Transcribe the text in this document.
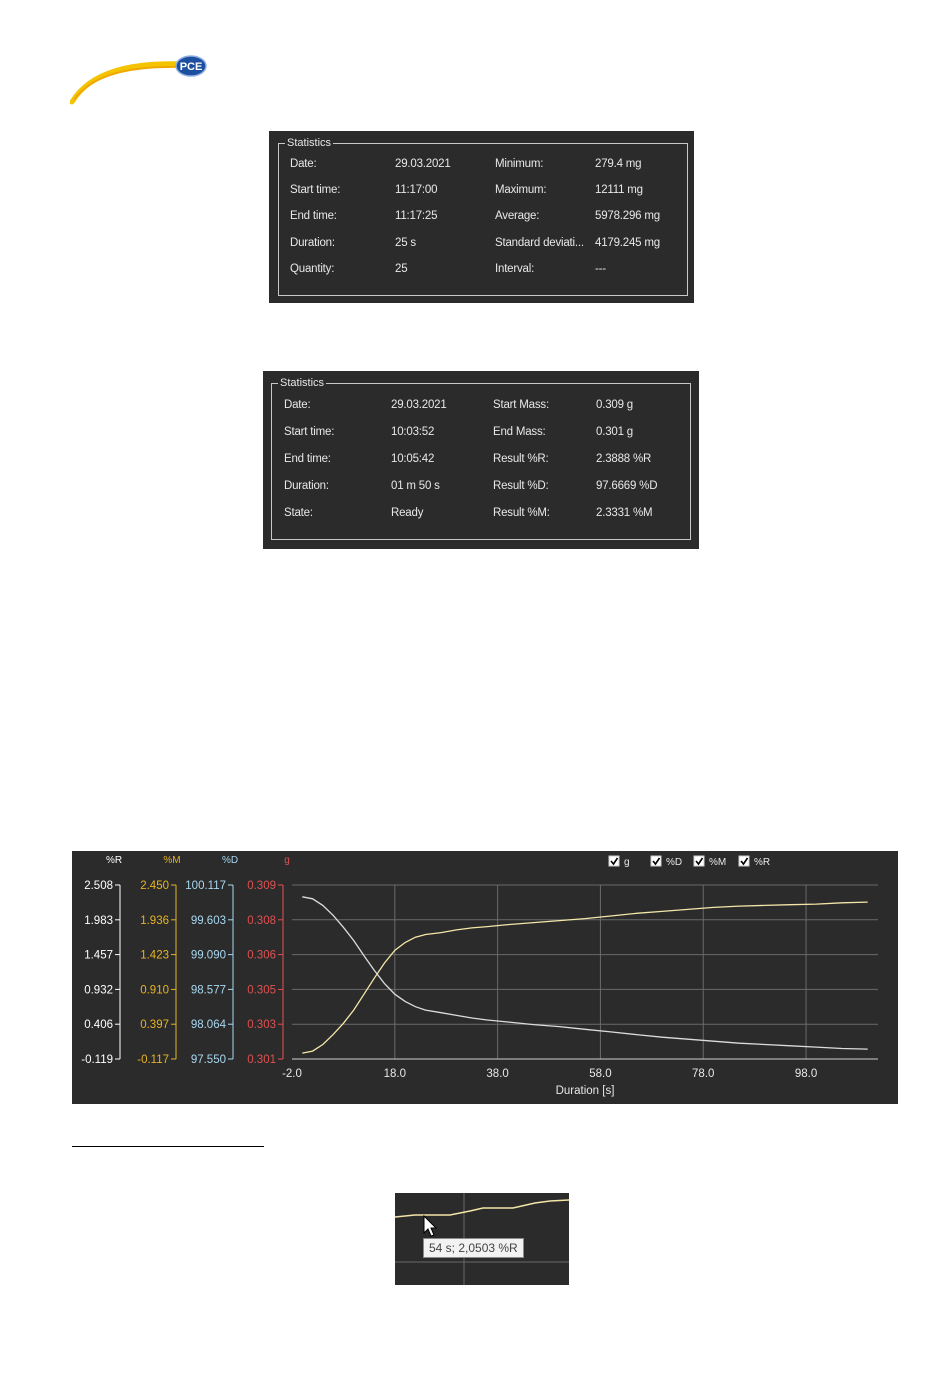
PCE
Statistics
Date:	29.03.2021	Minimum:	279.4 mg
Start time:	11:17:00	Maximum:	12111 mg
End time:	11:17:25	Average:	5978.296 mg
Duration:	25 s	Standard deviati... 4179.245 mg
Quantity:	25	Interval:	---
Statistics
Date:	29.03.2021	Start Mass:	0.309 g
Start time:	10:03:52	End Mass:	0.301 g
End time:	10:05:42	Result %R:	2.3888 %R
Duration:	01 m 50 s	Result %D:	97.6669 %D
State:	Ready	Result %M:	2.3331 %M
-2.0	18.0	38.0	58.0	78.0	98.0
Duration [s]
%R
2.508
1.983
1.457
0.932
0.406
-0.119
%M
2.450
1.936
1.423
0.910
0.397
-0.117
%D
100.117
99.603
99.090
98.577
98.064
97.550
g
0.309
0.308
0.306
0.305
0.303
0.301
g	%D	%M	%R
54 s; 2,0503 %R
